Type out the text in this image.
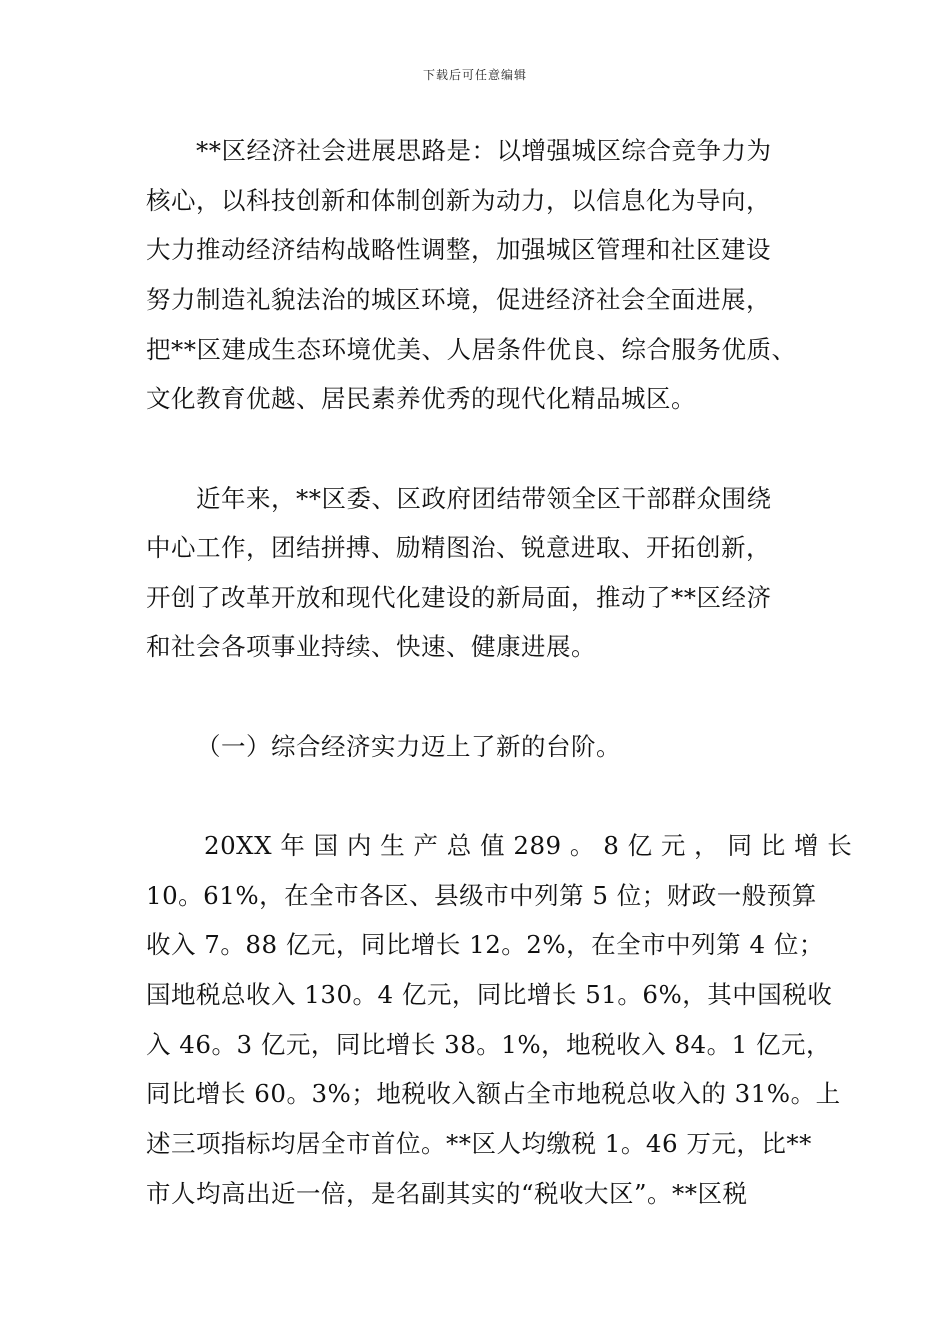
下载后可任意编辑
**区经济社会进展思路是：以增强城区综合竞争力为
核心，以科技创新和体制创新为动力，以信息化为导向，
大力推动经济结构战略性调整，加强城区管理和社区建设
努力制造礼貌法治的城区环境，促进经济社会全面进展，
把**区建成生态环境优美、人居条件优良、综合服务优质、
文化教育优越、居民素养优秀的现代化精品城区。
近年来，**区委、区政府团结带领全区干部群众围绕
中心工作，团结拼搏、励精图治、锐意进取、开拓创新，
开创了改革开放和现代化建设的新局面，推动了**区经济
和社会各项事业持续、快速、健康进展。
（一）综合经济实力迈上了新的台阶。
20XX 年 国 内 生 产 总 值 289 。 8 亿 元 ， 同 比 增 长
10。61%，在全市各区、县级市中列第 5 位；财政一般预算
收入 7。88 亿元，同比增长 12。2%，在全市中列第 4 位；
国地税总收入 130。4 亿元，同比增长 51。6%，其中国税收
入 46。3 亿元，同比增长 38。1%，地税收入 84。1 亿元，
同比增长 60。3%；地税收入额占全市地税总收入的 31%。上
述三项指标均居全市首位。**区人均缴税 1。46 万元，比**
市人均高出近一倍，是名副其实的“税收大区”。**区税
